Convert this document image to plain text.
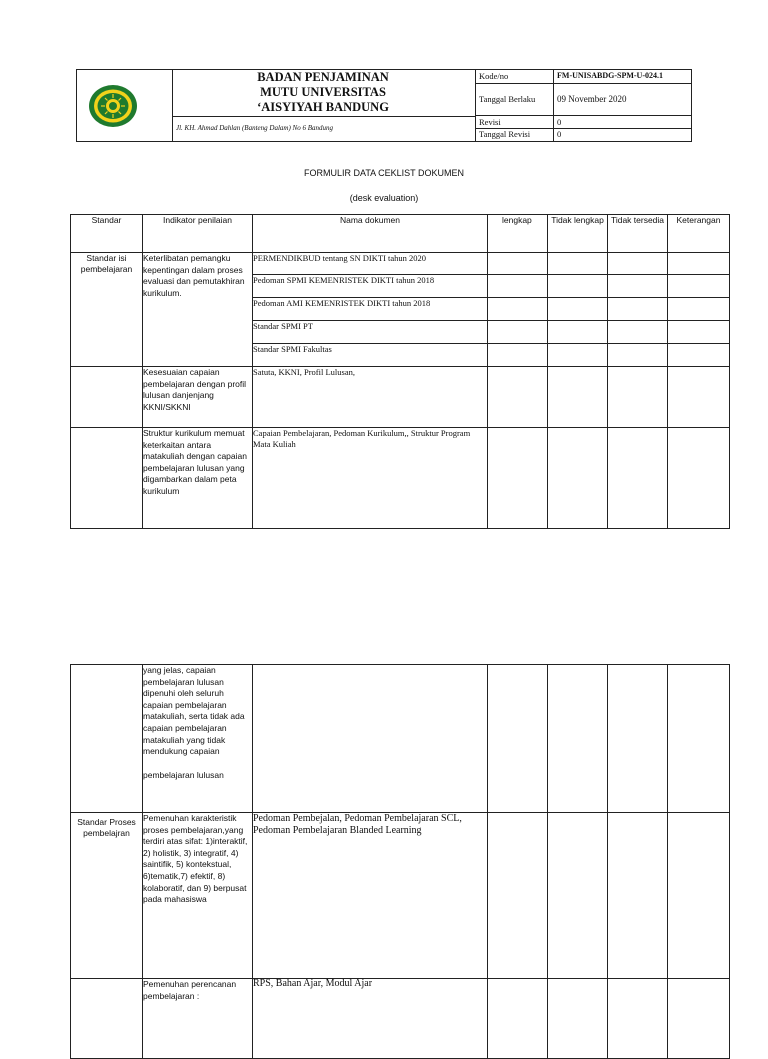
BADAN PENJAMINAN
MUTU UNIVERSITAS
‘AISYIYAH BANDUNG
Jl. KH. Ahmad Dahlan (Banteng Dalam) No 6 Bandung
Kode/no	FM-UNISABDG-SPM-U-024.1
Tanggal Berlaku 09 November 2020
Revisi	0
Tanggal Revisi	0
FORMULIR DATA CEKLIST DOKUMEN
(desk evaluation)
Standar	Indikator penilaian	Nama dokumen	lengkap	Tidak lengkap	Tidak tersedia	Keterangan
Standar isi pembelajaran	Keterlibatan pemangku kepentingan dalam proses evaluasi dan pemutakhiran kurikulum.	PERMENDIKBUD tentang SN DIKTI tahun 2020				
		Pedoman SPMI KEMENRISTEK DIKTI tahun 2018				
		Pedoman AMI KEMENRISTEK DIKTI tahun 2018				
		Standar SPMI PT				
		Standar SPMI Fakultas				
	Kesesuaian capaian pembelajaran dengan profil lulusan danjenjang KKNI/SKKNI	Satuta, KKNI, Profil Lulusan,				
	Struktur kurikulum memuat keterkaitan antara matakuliah dengan capaian pembelajaran lulusan yang digambarkan dalam peta kurikulum	Capaian Pembelajaran, Pedoman Kurikulum,, Struktur Program Mata Kuliah				

	yang jelas, capaian pembelajaran lulusan dipenuhi oleh seluruh capaian pembelajaran matakuliah, serta tidak ada capaian pembelajaran matakuliah yang tidak mendukung capaian
pembelajaran lulusan					

Standar Proses pembelajran	Pemenuhan karakteristik proses pembelajaran,yang terdiri atas sifat: 1)interaktif, 2) holistik, 3) integratif, 4) saintifik, 5) kontekstual, 6)tematik,7) efektif, 8) kolaboratif, dan 9) berpusat pada mahasiswa	Pedoman Pembejalan, Pedoman Pembelajaran SCL, Pedoman Pembelajaran Blanded Learning				
	Pemenuhan perencanan pembelajaran :	RPS, Bahan Ajar, Modul Ajar				
